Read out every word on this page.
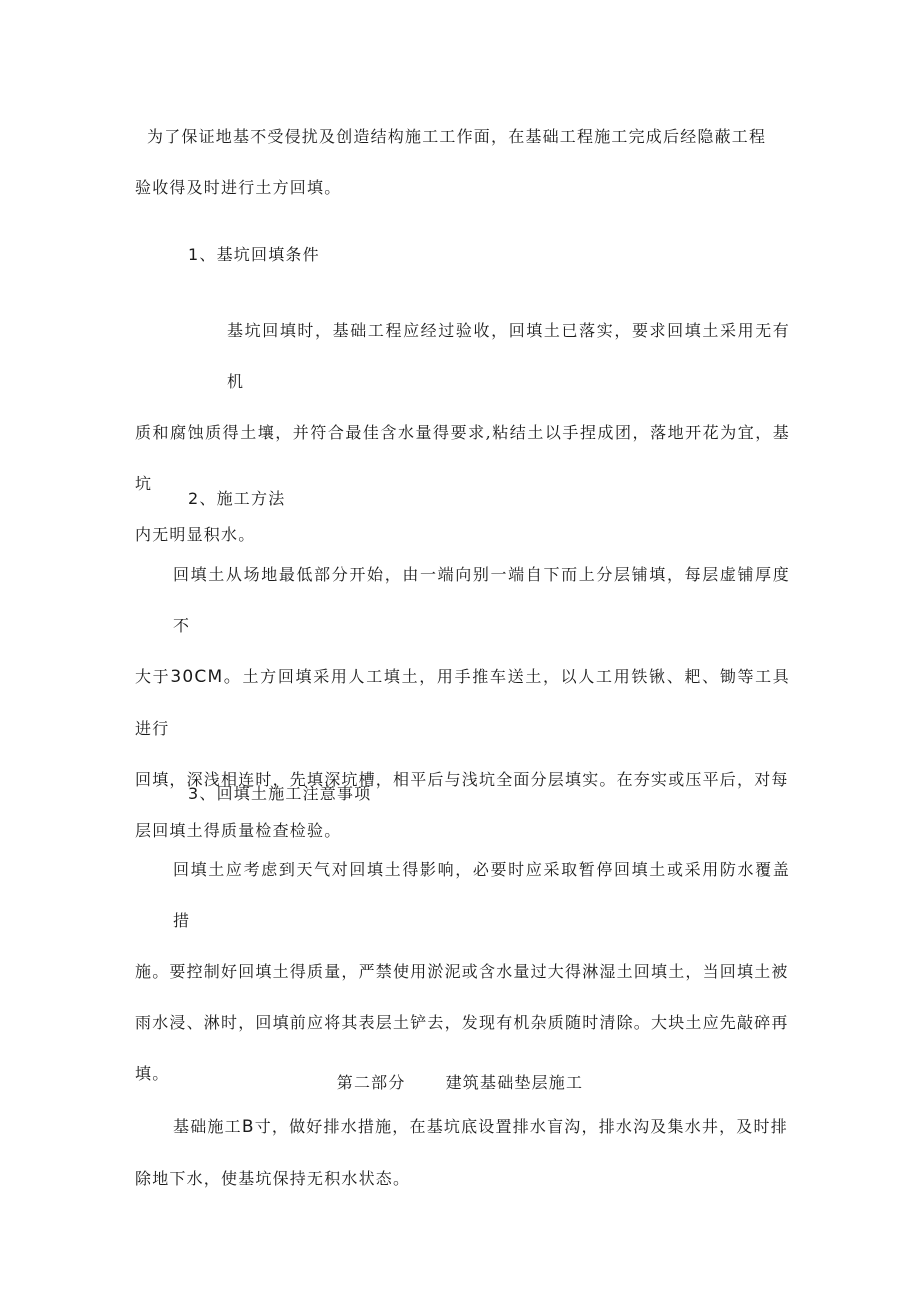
为了保证地基不受侵扰及创造结构施工工作面，在基础工程施工完成后经隐蔽工程
验收得及时进行土方回填。

1、基坑回填条件

基坑回填时，基础工程应经过验收，回填土已落实，要求回填土采用无有机
质和腐蚀质得土壤，并符合最佳含水量得要求,粘结土以手捏成团，落地开花为宜，基坑
内无明显积水。

2、施工方法

回填土从场地最低部分开始，由一端向别一端自下而上分层铺填，每层虚铺厚度不
大于30CM。土方回填采用人工填土，用手推车送土，以人工用铁锹、耙、锄等工具进行
回填，深浅相连时，先填深坑槽，相平后与浅坑全面分层填实。在夯实或压平后，对每
层回填土得质量检查检验。

3、回填土施工注意事项

回填土应考虑到天气对回填土得影响，必要时应采取暂停回填土或采用防水覆盖措
施。要控制好回填土得质量，严禁使用淤泥或含水量过大得淋湿土回填土，当回填土被
雨水浸、淋时，回填前应将其表层土铲去，发现有机杂质随时清除。大块土应先敲碎再
填。	第二部分	建筑基础垫层施工

基础施工B寸，做好排水措施，在基坑底设置排水盲沟，排水沟及集水井，及时排
除地下水，使基坑保持无积水状态。
